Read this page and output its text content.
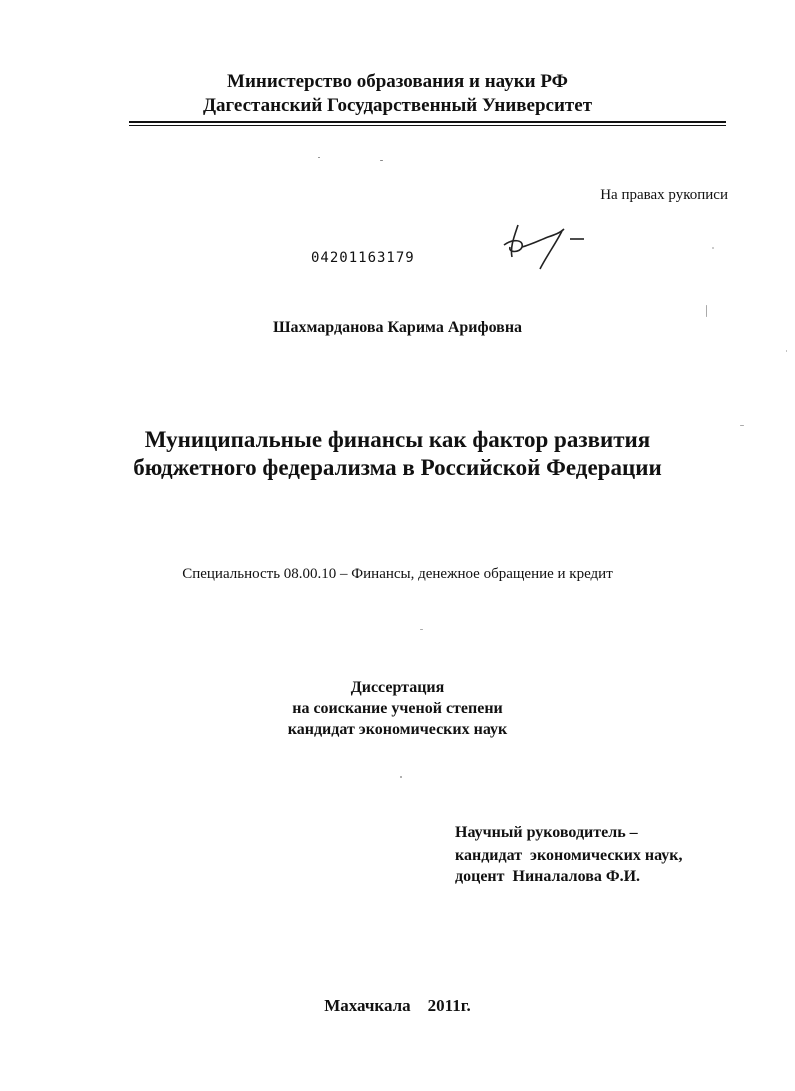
Министерство образования и науки РФ
Дагестанский Государственный Университет
На правах рукописи
04201163179
Шахмарданова Карима Арифовна
Муниципальные финансы как фактор развития
бюджетного федерализма в Российской Федерации
Специальность 08.00.10 – Финансы, денежное обращение и кредит
Диссертация
на соискание ученой степени
кандидат экономических наук
Научный руководитель –
кандидат  экономических наук,
доцент  Ниналалова Ф.И.
Махачкала    2011г.
